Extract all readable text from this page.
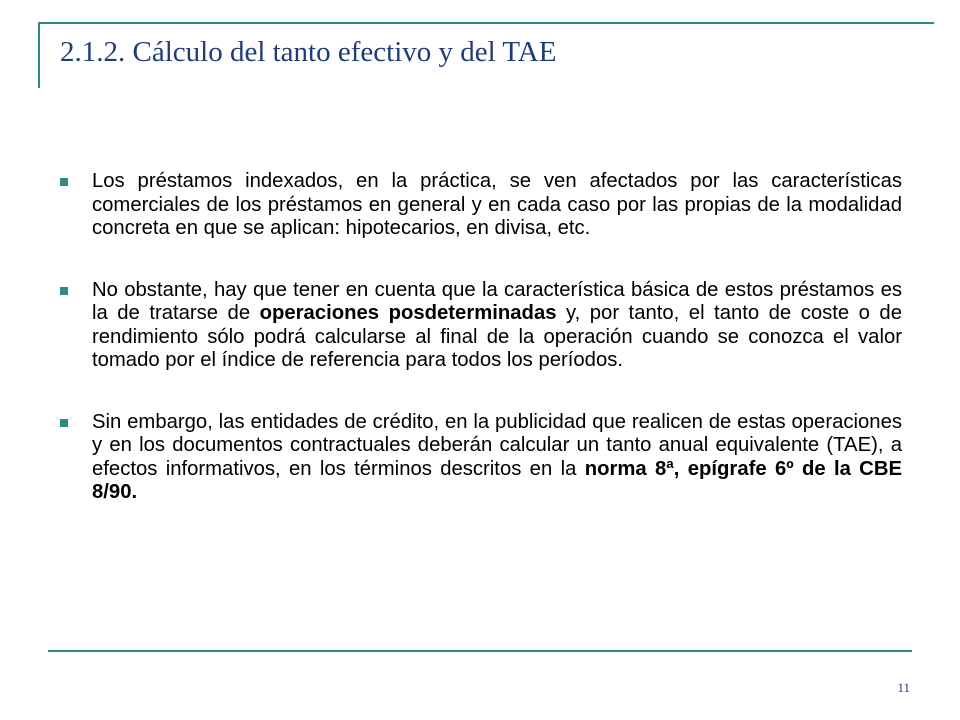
2.1.2. Cálculo del tanto efectivo y del TAE
Los préstamos indexados, en la práctica, se ven afectados por las características comerciales de los préstamos en general y en cada caso por las propias de la modalidad concreta en que se aplican: hipotecarios, en divisa, etc.
No obstante, hay que tener en cuenta que la característica básica de estos préstamos es la de tratarse de operaciones posdeterminadas y, por tanto, el tanto de coste o de rendimiento sólo podrá calcularse al final de la operación cuando se conozca el valor tomado por el índice de referencia para todos los períodos.
Sin embargo, las entidades de crédito, en la publicidad que realicen de estas operaciones y en los documentos contractuales deberán calcular un tanto anual equivalente (TAE), a efectos informativos, en los términos descritos en la norma 8ª, epígrafe 6º de la CBE 8/90.
11
